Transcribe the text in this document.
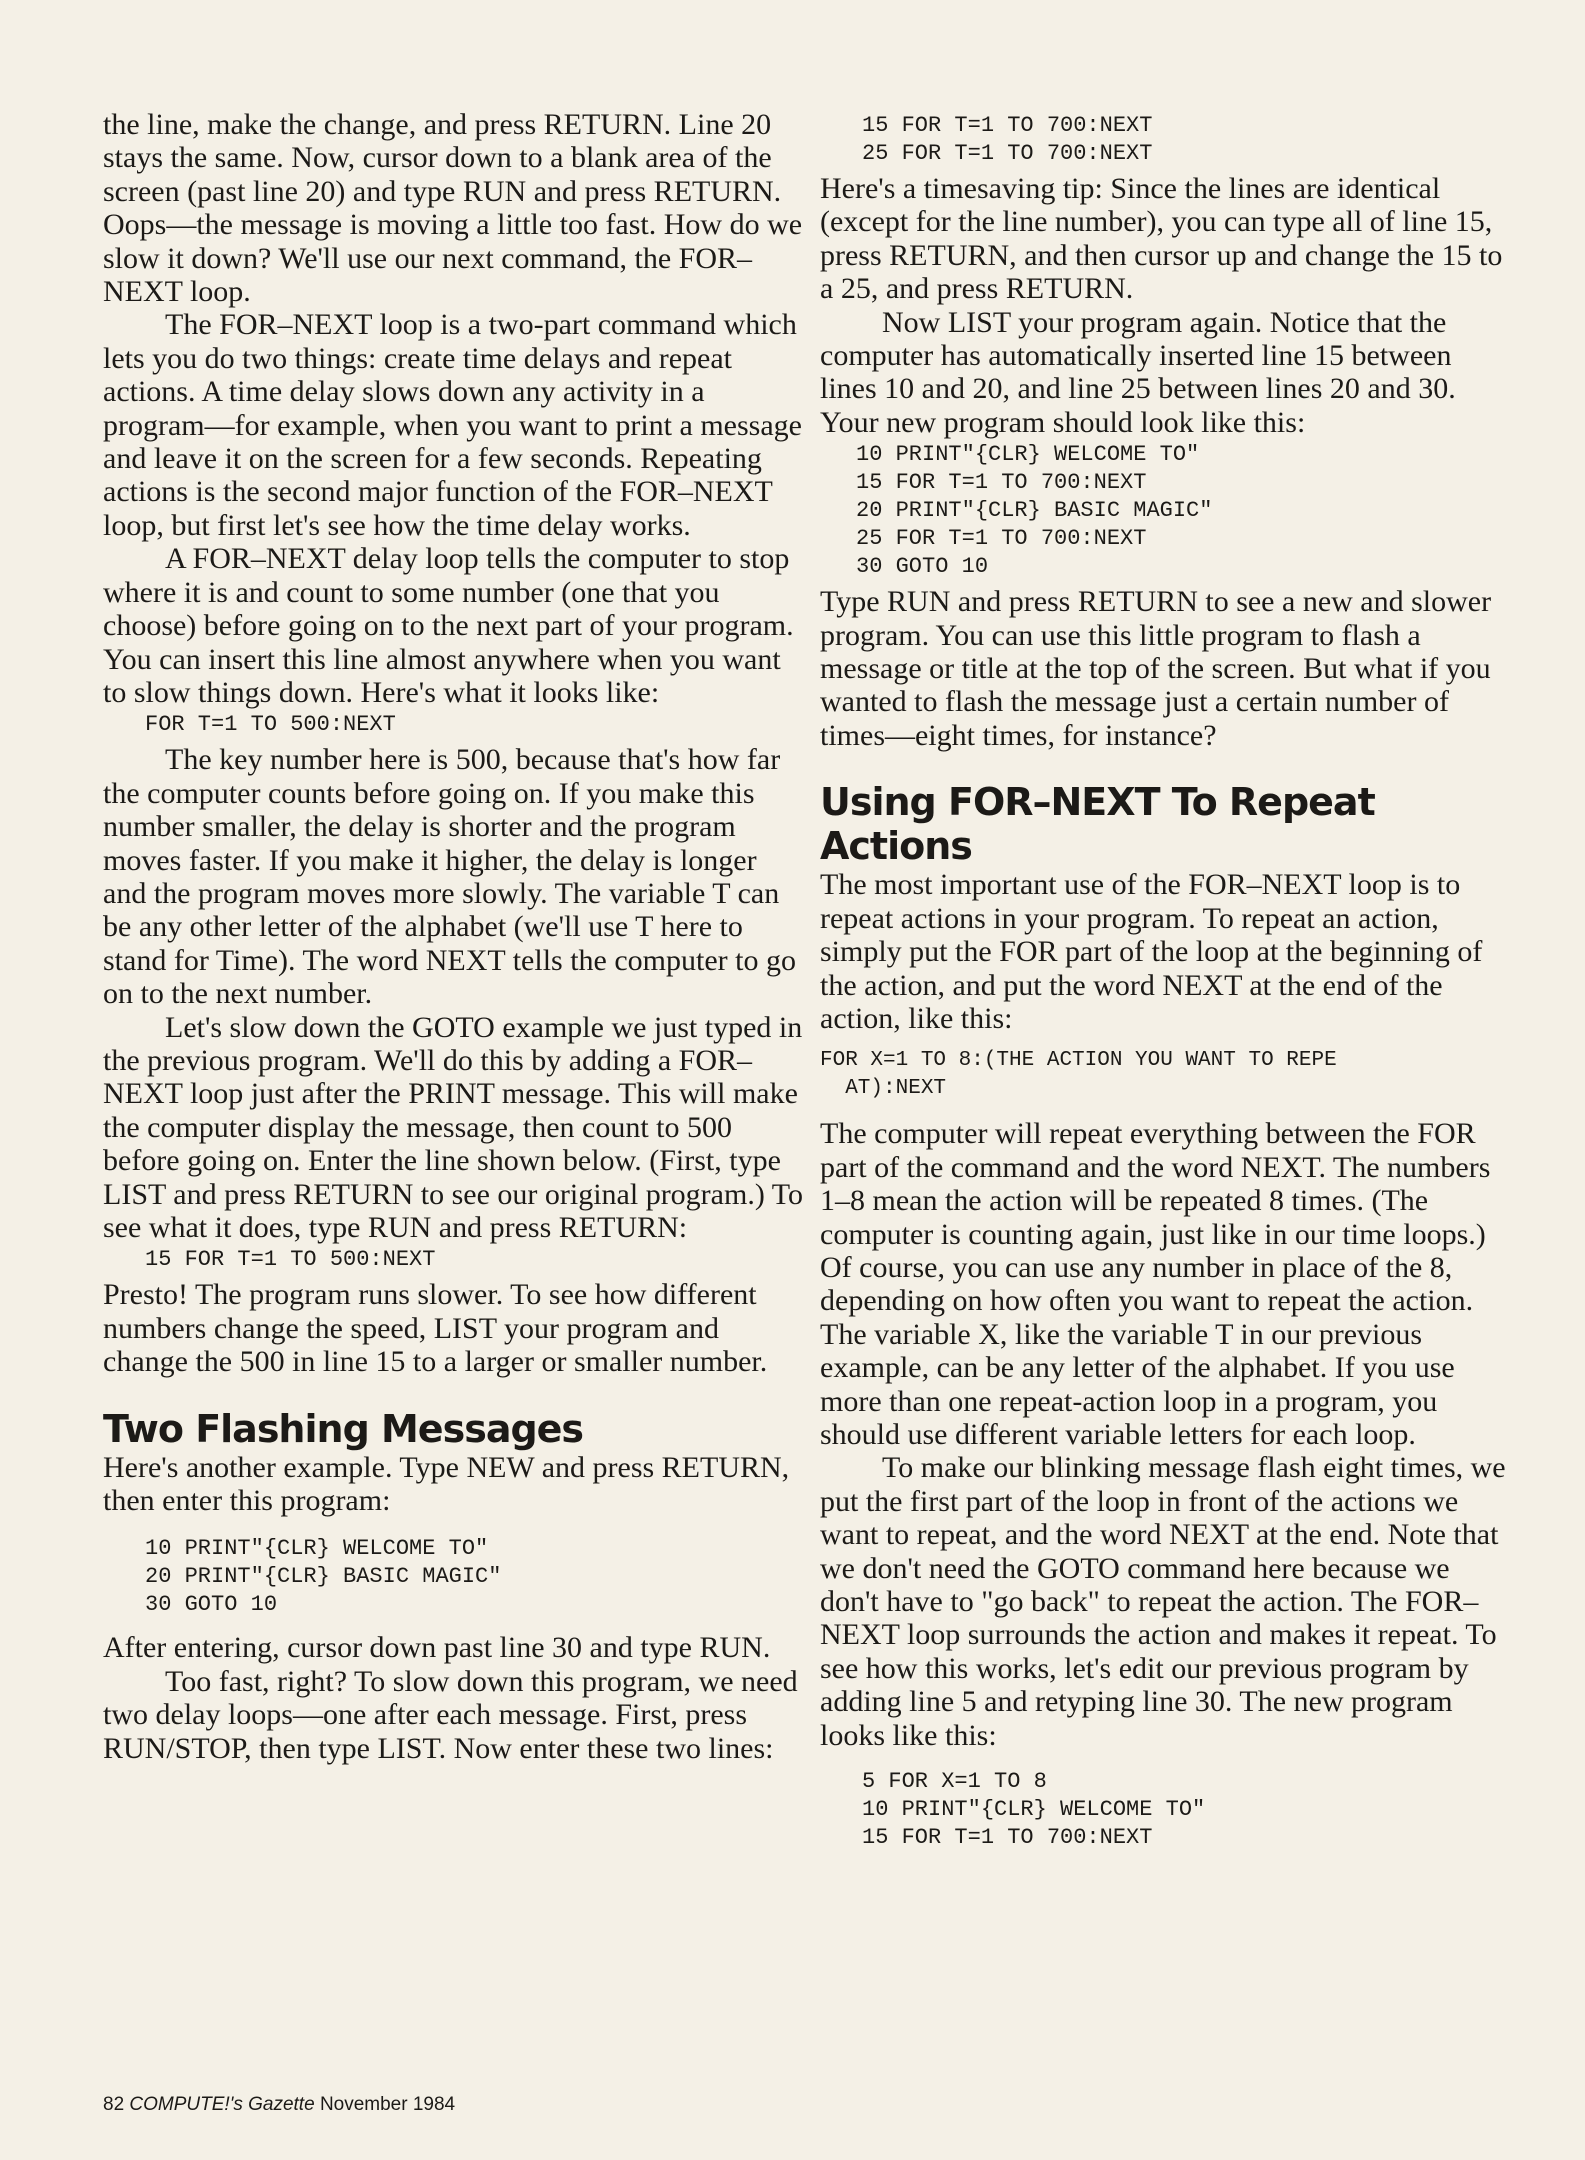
the line, make the change, and press RETURN. Line 20 stays the same. Now, cursor down to a blank area of the screen (past line 20) and type RUN and press RETURN. Oops—the message is moving a little too fast. How do we slow it down? We'll use our next command, the FOR–NEXT loop.

The FOR–NEXT loop is a two-part command which lets you do two things: create time delays and repeat actions. A time delay slows down any activity in a program—for example, when you want to print a message and leave it on the screen for a few seconds. Repeating actions is the second major function of the FOR–NEXT loop, but first let's see how the time delay works.

A FOR–NEXT delay loop tells the computer to stop where it is and count to some number (one that you choose) before going on to the next part of your program. You can insert this line almost anywhere when you want to slow things down. Here's what it looks like:

FOR T=1 TO 500:NEXT

The key number here is 500, because that's how far the computer counts before going on. If you make this number smaller, the delay is shorter and the program moves faster. If you make it higher, the delay is longer and the program moves more slowly. The variable T can be any other letter of the alphabet (we'll use T here to stand for Time). The word NEXT tells the computer to go on to the next number.

Let's slow down the GOTO example we just typed in the previous program. We'll do this by adding a FOR–NEXT loop just after the PRINT message. This will make the computer display the message, then count to 500 before going on. Enter the line shown below. (First, type LIST and press RETURN to see our original program.) To see what it does, type RUN and press RETURN:

15 FOR T=1 TO 500:NEXT

Presto! The program runs slower. To see how different numbers change the speed, LIST your program and change the 500 in line 15 to a larger or smaller number.

Two Flashing Messages

Here's another example. Type NEW and press RETURN, then enter this program:

10 PRINT"{CLR} WELCOME TO"
20 PRINT"{CLR} BASIC MAGIC"
30 GOTO 10

After entering, cursor down past line 30 and type RUN.

Too fast, right? To slow down this program, we need two delay loops—one after each message. First, press RUN/STOP, then type LIST. Now enter these two lines:

15 FOR T=1 TO 700:NEXT
25 FOR T=1 TO 700:NEXT

Here's a timesaving tip: Since the lines are identical (except for the line number), you can type all of line 15, press RETURN, and then cursor up and change the 15 to a 25, and press RETURN.

Now LIST your program again. Notice that the computer has automatically inserted line 15 between lines 10 and 20, and line 25 between lines 20 and 30. Your new program should look like this:

10 PRINT"{CLR} WELCOME TO"
15 FOR T=1 TO 700:NEXT
20 PRINT"{CLR} BASIC MAGIC"
25 FOR T=1 TO 700:NEXT
30 GOTO 10

Type RUN and press RETURN to see a new and slower program. You can use this little program to flash a message or title at the top of the screen. But what if you wanted to flash the message just a certain number of times—eight times, for instance?

Using FOR–NEXT To Repeat Actions

The most important use of the FOR–NEXT loop is to repeat actions in your program. To repeat an action, simply put the FOR part of the loop at the beginning of the action, and put the word NEXT at the end of the action, like this:

FOR X=1 TO 8:(THE ACTION YOU WANT TO REPE
AT):NEXT

The computer will repeat everything between the FOR part of the command and the word NEXT. The numbers 1–8 mean the action will be repeated 8 times. (The computer is counting again, just like in our time loops.) Of course, you can use any number in place of the 8, depending on how often you want to repeat the action. The variable X, like the variable T in our previous example, can be any letter of the alphabet. If you use more than one repeat-action loop in a program, you should use different variable letters for each loop.

To make our blinking message flash eight times, we put the first part of the loop in front of the actions we want to repeat, and the word NEXT at the end. Note that we don't need the GOTO command here because we don't have to "go back" to repeat the action. The FOR–NEXT loop surrounds the action and makes it repeat. To see how this works, let's edit our previous program by adding line 5 and retyping line 30. The new program looks like this:

5 FOR X=1 TO 8
10 PRINT"{CLR} WELCOME TO"
15 FOR T=1 TO 700:NEXT
82 COMPUTE!'s Gazette November 1984
